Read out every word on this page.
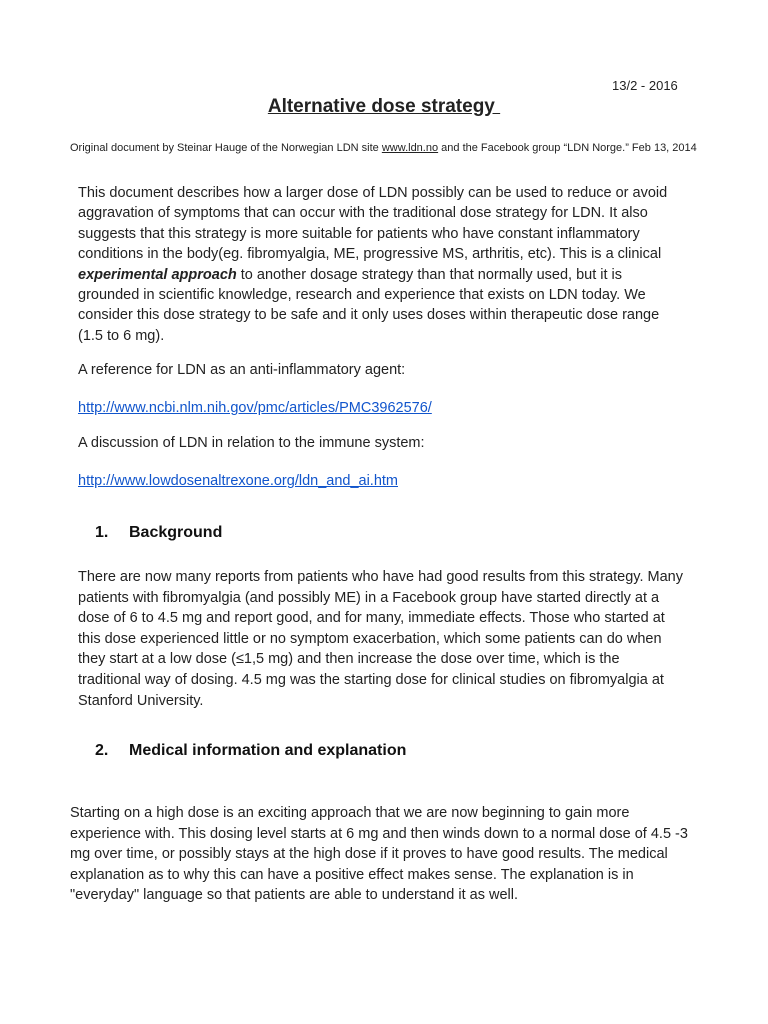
13/2 - 2016
Alternative dose strategy

Original document by Steinar Hauge of the Norwegian LDN site www.ldn.no and the Facebook group “LDN Norge.” Feb 13, 2014

This document describes how a larger dose of LDN possibly can be used to reduce or avoid aggravation of symptoms that can occur with the traditional dose strategy for LDN. It also suggests that this strategy is more suitable for patients who have constant inflammatory conditions in the body(eg. fibromyalgia, ME, progressive MS, arthritis, etc). This is a clinical experimental approach to another dosage strategy than that normally used, but it is grounded in scientific knowledge, research and experience that exists on LDN today. We consider this dose strategy to be safe and it only uses doses within therapeutic dose range (1.5 to 6 mg).

A reference for LDN as an anti-inflammatory agent:

http://www.ncbi.nlm.nih.gov/pmc/articles/PMC3962576/

A discussion of LDN in relation to the immune system:

http://www.lowdosenaltrexone.org/ldn_and_ai.htm
1. Background

There are now many reports from patients who have had good results from this strategy. Many patients with fibromyalgia (and possibly ME) in a Facebook group have started directly at a dose of 6 to 4.5 mg and report good, and for many, immediate effects. Those who started at this dose experienced little or no symptom exacerbation, which some patients can do when they start at a low dose (≤1,5 mg) and then increase the dose over time, which is the traditional way of dosing. 4.5 mg was the starting dose for clinical studies on fibromyalgia at Stanford University.

2. Medical information and explanation

Starting on a high dose is an exciting approach that we are now beginning to gain more experience with. This dosing level starts at 6 mg and then winds down to a normal dose of 4.5 -3 mg over time, or possibly stays at the high dose if it proves to have good results. The medical explanation as to why this can have a positive effect makes sense. The explanation is in "everyday" language so that patients are able to understand it as well.
